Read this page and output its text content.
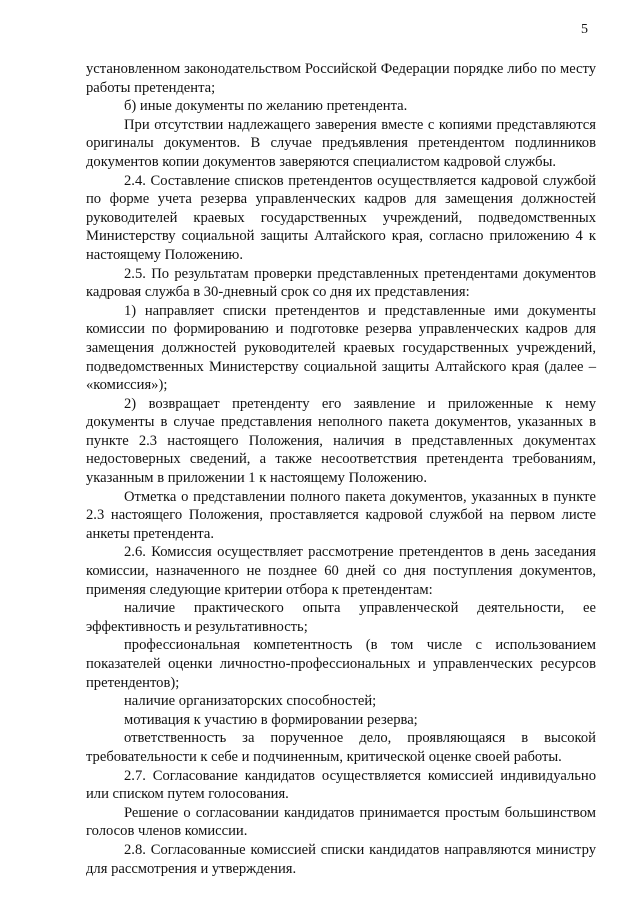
5

установленном законодательством Российской Федерации порядке либо по месту работы претендента;

б) иные документы по желанию претендента.

При отсутствии надлежащего заверения вместе с копиями представляются оригиналы документов. В случае предъявления претендентом подлинников документов копии документов заверяются специалистом кадровой службы.

2.4. Составление списков претендентов осуществляется кадровой службой по форме учета резерва управленческих кадров для замещения должностей руководителей краевых государственных учреждений, подведомственных Министерству социальной защиты Алтайского края, согласно приложению 4 к настоящему Положению.

2.5. По результатам проверки представленных претендентами документов кадровая служба в 30-дневный срок со дня их представления:

1) направляет списки претендентов и представленные ими документы комиссии по формированию и подготовке резерва управленческих кадров для замещения должностей руководителей краевых государственных учреждений, подведомственных Министерству социальной защиты Алтайского края (далее – «комиссия»);

2) возвращает претенденту его заявление и приложенные к нему документы в случае представления неполного пакета документов, указанных в пункте 2.3 настоящего Положения, наличия в представленных документах недостоверных сведений, а также несоответствия претендента требованиям, указанным в приложении 1 к настоящему Положению.

Отметка о представлении полного пакета документов, указанных в пункте 2.3 настоящего Положения, проставляется кадровой службой на первом листе анкеты претендента.

2.6. Комиссия осуществляет рассмотрение претендентов в день заседания комиссии, назначенного не позднее 60 дней со дня поступления документов, применяя следующие критерии отбора к претендентам:

наличие практического опыта управленческой деятельности, ее эффективность и результативность;

профессиональная компетентность (в том числе с использованием показателей оценки личностно-профессиональных и управленческих ресурсов претендентов);

наличие организаторских способностей;

мотивация к участию в формировании резерва;

ответственность за порученное дело, проявляющаяся в высокой требовательности к себе и подчиненным, критической оценке своей работы.

2.7. Согласование кандидатов осуществляется комиссией индивидуально или списком путем голосования.

Решение о согласовании кандидатов принимается простым большинством голосов членов комиссии.

2.8. Согласованные комиссией списки кандидатов направляются министру для рассмотрения и утверждения.
